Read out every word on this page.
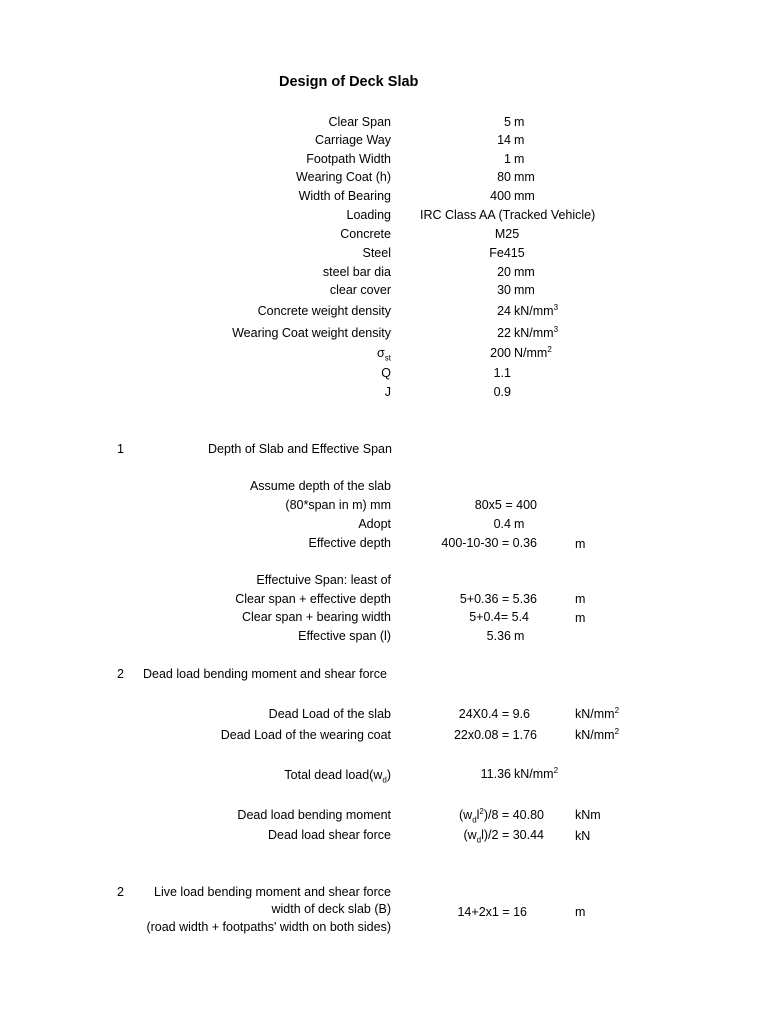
Design of Deck Slab
Clear Span	5 m
Carriage Way	14 m
Footpath Width	1 m
Wearing Coat (h)	80 mm
Width of Bearing	400 mm
Loading IRC Class AA (Tracked Vehicle)
Concrete	M25
Steel	Fe415
steel bar dia	20 mm
clear cover	30 mm
Concrete weight density	24 $kN/mm^3$
Wearing Coat weight density	22 $kN/mm^3$
$\sigma_{st}$	200 $N/mm^2$
Q	1.1
J	0.9
1	Depth of Slab and Effective Span
Assume depth of the slab
(80*span in m) mm	80x5 = 400
Adopt	0.4 m
Effective depth	400-10-30 = 0.36	m
Effectuive Span: least of
Clear span + effective depth	5+0.36 = 5.36	m
Clear span + bearing width	5+0.4= 5.4	m
Effective span (l)	5.36 m
2 Dead load bending moment and shear force
Dead Load of the slab	24X0.4 = 9.6	$kN/mm^2$
Dead Load of the wearing coat	22x0.08 = 1.76	$kN/mm^2$
Total dead $load(w_d)$	11.36 $kN/mm^2$
Dead load bending moment	$(w_dl^2)/8 = 40.80$ kNm
Dead load shear force	$(w_dl)/2 = 30.44$ kN
2 Live load bending moment and shear force
width of deck slab (B)
(road width + footpaths' width on both sides)
14+2x1 = 16	m
